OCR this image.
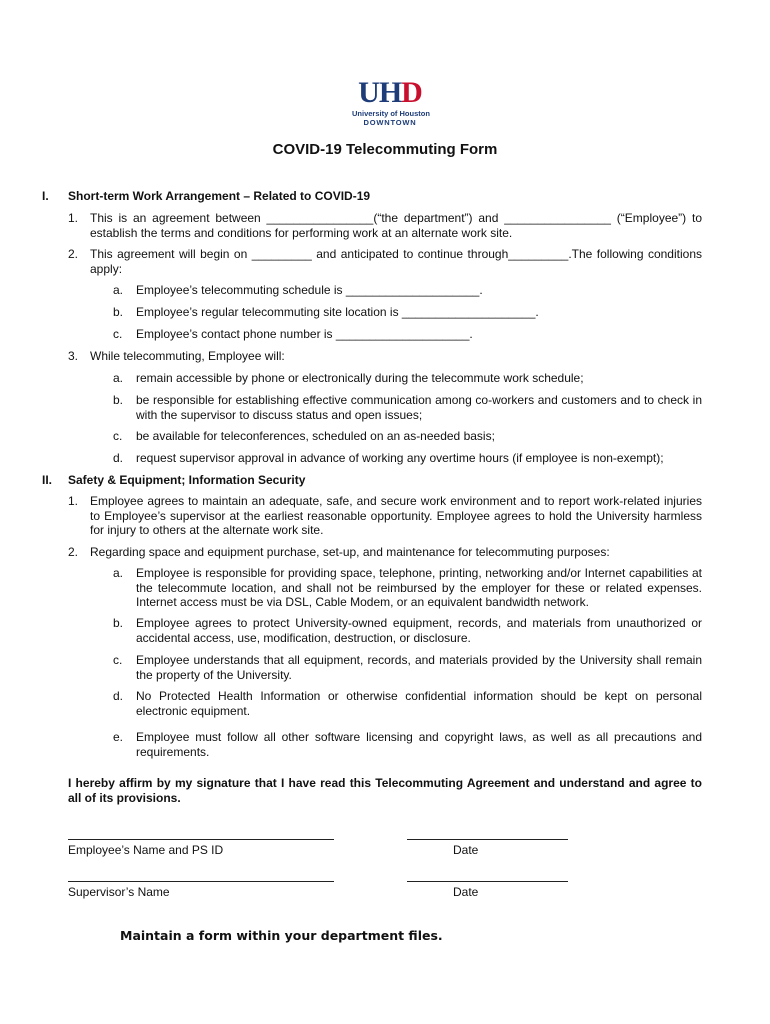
UHD
University of Houston
DOWNTOWN
COVID-19 Telecommuting Form
I. Short-term Work Arrangement – Related to COVID-19
1. This is an agreement between ________________(“the department”) and ________________ (“Employee”) to establish the terms and conditions for performing work at an alternate work site.
2. This agreement will begin on _________ and anticipated to continue through_________.The following conditions apply:
a. Employee’s telecommuting schedule is ____________________.
b. Employee’s regular telecommuting site location is ____________________.
c. Employee’s contact phone number is ____________________.
3. While telecommuting, Employee will:
a. remain accessible by phone or electronically during the telecommute work schedule;
b. be responsible for establishing effective communication among co-workers and customers and to check in with the supervisor to discuss status and open issues;
c. be available for teleconferences, scheduled on an as-needed basis;
d. request supervisor approval in advance of working any overtime hours (if employee is non-exempt);
II. Safety & Equipment; Information Security
1. Employee agrees to maintain an adequate, safe, and secure work environment and to report work-related injuries to Employee’s supervisor at the earliest reasonable opportunity. Employee agrees to hold the University harmless for injury to others at the alternate work site.
2. Regarding space and equipment purchase, set-up, and maintenance for telecommuting purposes:
a. Employee is responsible for providing space, telephone, printing, networking and/or Internet capabilities at the telecommute location, and shall not be reimbursed by the employer for these or related expenses. Internet access must be via DSL, Cable Modem, or an equivalent bandwidth network.
b. Employee agrees to protect University-owned equipment, records, and materials from unauthorized or accidental access, use, modification, destruction, or disclosure.
c. Employee understands that all equipment, records, and materials provided by the University shall remain the property of the University.
d. No Protected Health Information or otherwise confidential information should be kept on personal electronic equipment.
e. Employee must follow all other software licensing and copyright laws, as well as all precautions and requirements.
I hereby affirm by my signature that I have read this Telecommuting Agreement and understand and agree to all of its provisions.
Employee’s Name and PS ID	Date
Supervisor’s Name	Date
Maintain a form within your department files.
